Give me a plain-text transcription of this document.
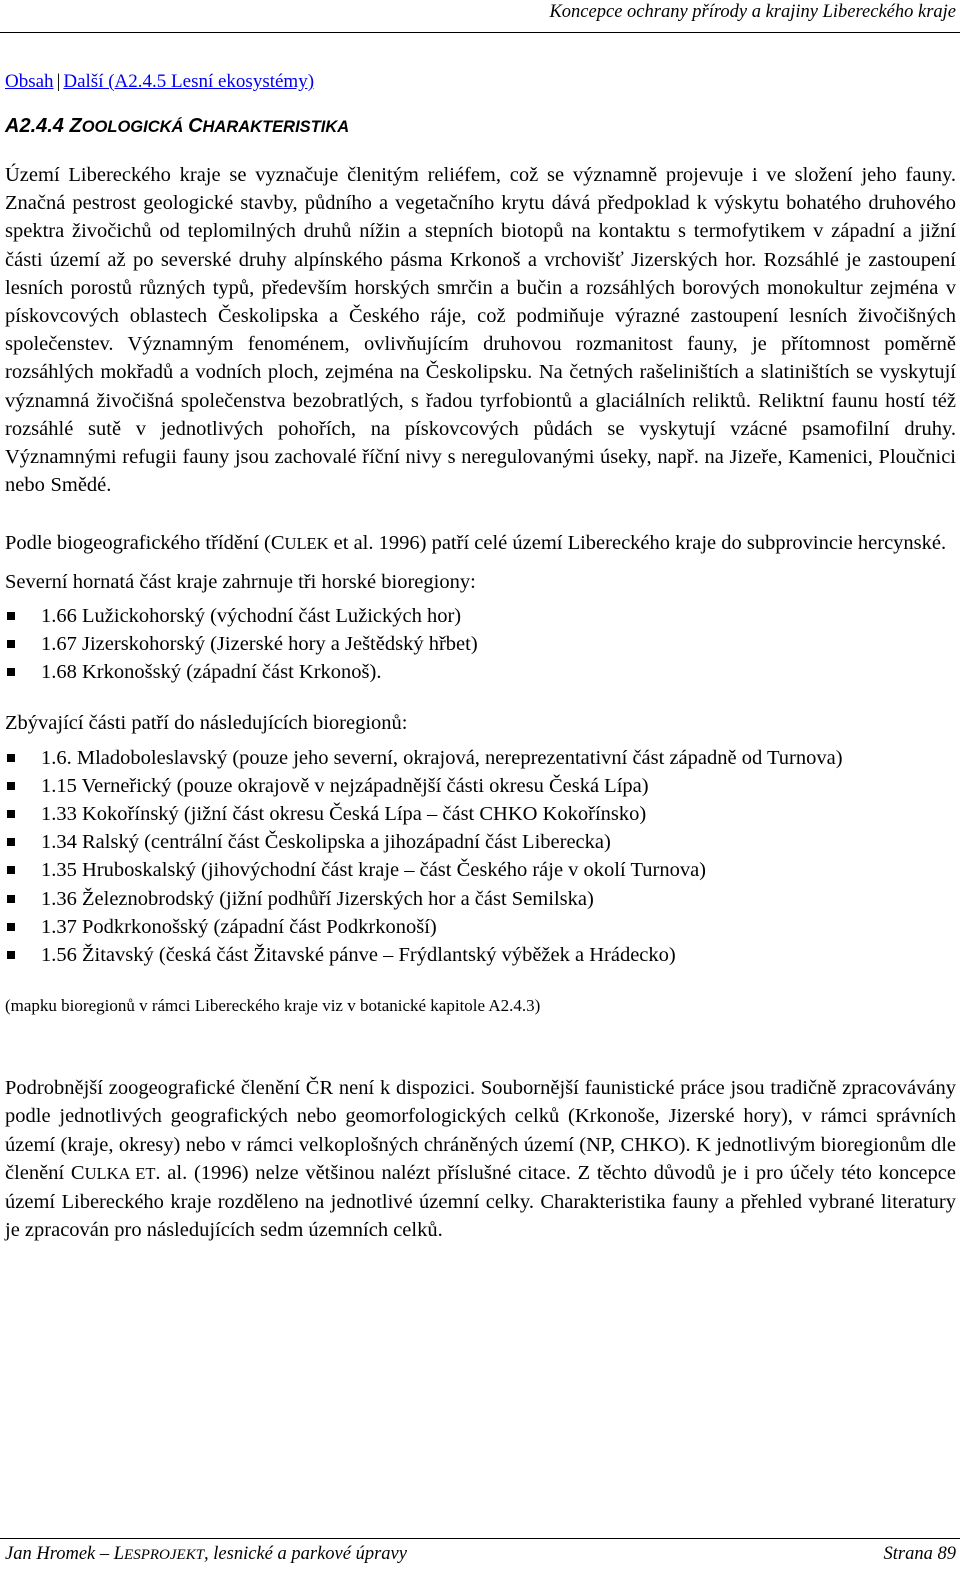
Koncepce ochrany přírody a krajiny Libereckého kraje
Obsah | Další (A2.4.5 Lesní ekosystémy)
A2.4.4 ZOOLOGICKÁ CHARAKTERISTIKA

Území Libereckého kraje se vyznačuje členitým reliéfem, což se významně projevuje i ve složení jeho fauny. Značná pestrost geologické stavby, půdního a vegetačního krytu dává předpoklad k výskytu bohatého druhového spektra živočichů od teplomilných druhů nížin a stepních biotopů na kontaktu s termofytikem v západní a jižní části území až po severské druhy alpínského pásma Krkonoš a vrchovišť Jizerských hor. Rozsáhlé je zastoupení lesních porostů různých typů, především horských smrčin a bučin a rozsáhlých borových monokultur zejména v pískovcových oblastech Českolipska a Českého ráje, což podmiňuje výrazné zastoupení lesních živočišných společenstev. Významným fenoménem, ovlivňujícím druhovou rozmanitost fauny, je přítomnost poměrně rozsáhlých mokřadů a vodních ploch, zejména na Českolipsku. Na četných rašeliništích a slatiništích se vyskytují významná živočišná společenstva bezobratlých, s řadou tyrfobiontů a glaciálních reliktů. Reliktní faunu hostí též rozsáhlé sutě v jednotlivých pohořích, na pískovcových půdách se vyskytují vzácné psamofilní druhy. Významnými refugii fauny jsou zachovalé říční nivy s neregulovanými úseky, např. na Jizeře, Kamenici, Ploučnici nebo Smědé.

Podle biogeografického třídění (CULEK et al. 1996) patří celé území Libereckého kraje do subprovincie hercynské.

Severní hornatá část kraje zahrnuje tři horské bioregiony:

1.66 Lužickohorský (východní část Lužických hor)
1.67 Jizerskohorský (Jizerské hory a Ještědský hřbet)
1.68 Krkonošský (západní část Krkonoš).

Zbývající části patří do následujících bioregionů:

1.6. Mladoboleslavský (pouze jeho severní, okrajová, nereprezentativní část západně od Turnova)
1.15 Verneřický (pouze okrajově v nejzápadnější části okresu Česká Lípa)
1.33 Kokořínský (jižní část okresu Česká Lípa – část CHKO Kokořínsko)
1.34 Ralský (centrální část Českolipska a jihozápadní část Liberecka)
1.35 Hruboskalský (jihovýchodní část kraje – část Českého ráje v okolí Turnova)
1.36 Železnobrodský (jižní podhůří Jizerských hor a část Semilska)
1.37 Podkrkonošský (západní část Podkrkonoší)
1.56 Žitavský (česká část Žitavské pánve – Frýdlantský výběžek a Hrádecko)

(mapku bioregionů v rámci Libereckého kraje viz v botanické kapitole A2.4.3)

Podrobnější zoogeografické členění ČR není k dispozici. Soubornější faunistické práce jsou tradičně zpracovávány podle jednotlivých geografických nebo geomorfologických celků (Krkonoše, Jizerské hory), v rámci správních území (kraje, okresy) nebo v rámci velkoplošných chráněných území (NP, CHKO). K jednotlivým bioregionům dle členění CULKA ET. al. (1996) nelze většinou nalézt příslušné citace. Z těchto důvodů je i pro účely této koncepce území Libereckého kraje rozděleno na jednotlivé územní celky. Charakteristika fauny a přehled vybrané literatury je zpracován pro následujících sedm územních celků.

Jan Hromek – LESPROJEKT, lesnické a parkové úpravy	Strana 89
